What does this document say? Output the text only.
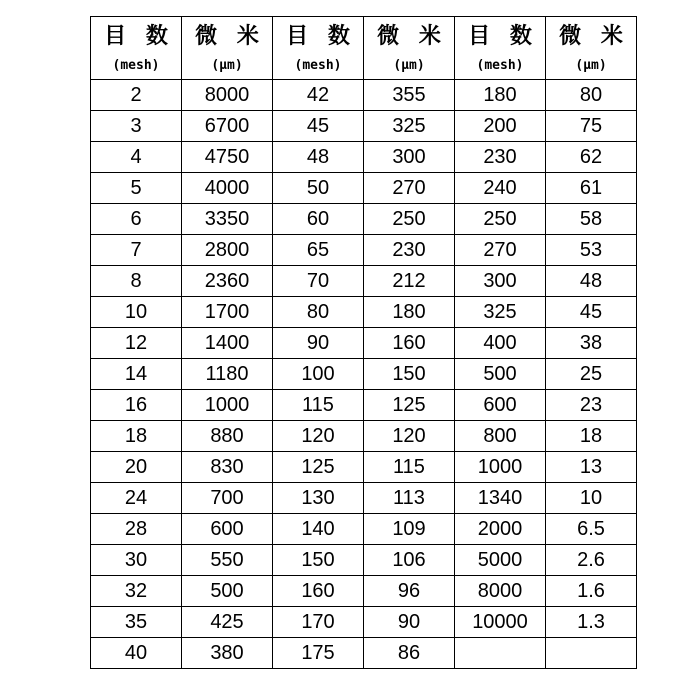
目 数	微 米	目 数	微 米	目 数	微 米
(mesh)	(μm)	(mesh)	(μm)	(mesh)	(μm)
2	8000	42	355	180	80
3	6700	45	325	200	75
4	4750	48	300	230	62
5	4000	50	270	240	61
6	3350	60	250	250	58
7	2800	65	230	270	53
8	2360	70	212	300	48
10	1700	80	180	325	45
12	1400	90	160	400	38
14	1180	100	150	500	25
16	1000	115	125	600	23
18	880	120	120	800	18
20	830	125	115	1000	13
24	700	130	113	1340	10
28	600	140	109	2000	6.5
30	550	150	106	5000	2.6
32	500	160	96	8000	1.6
35	425	170	90	10000	1.3
40	380	175	86		
